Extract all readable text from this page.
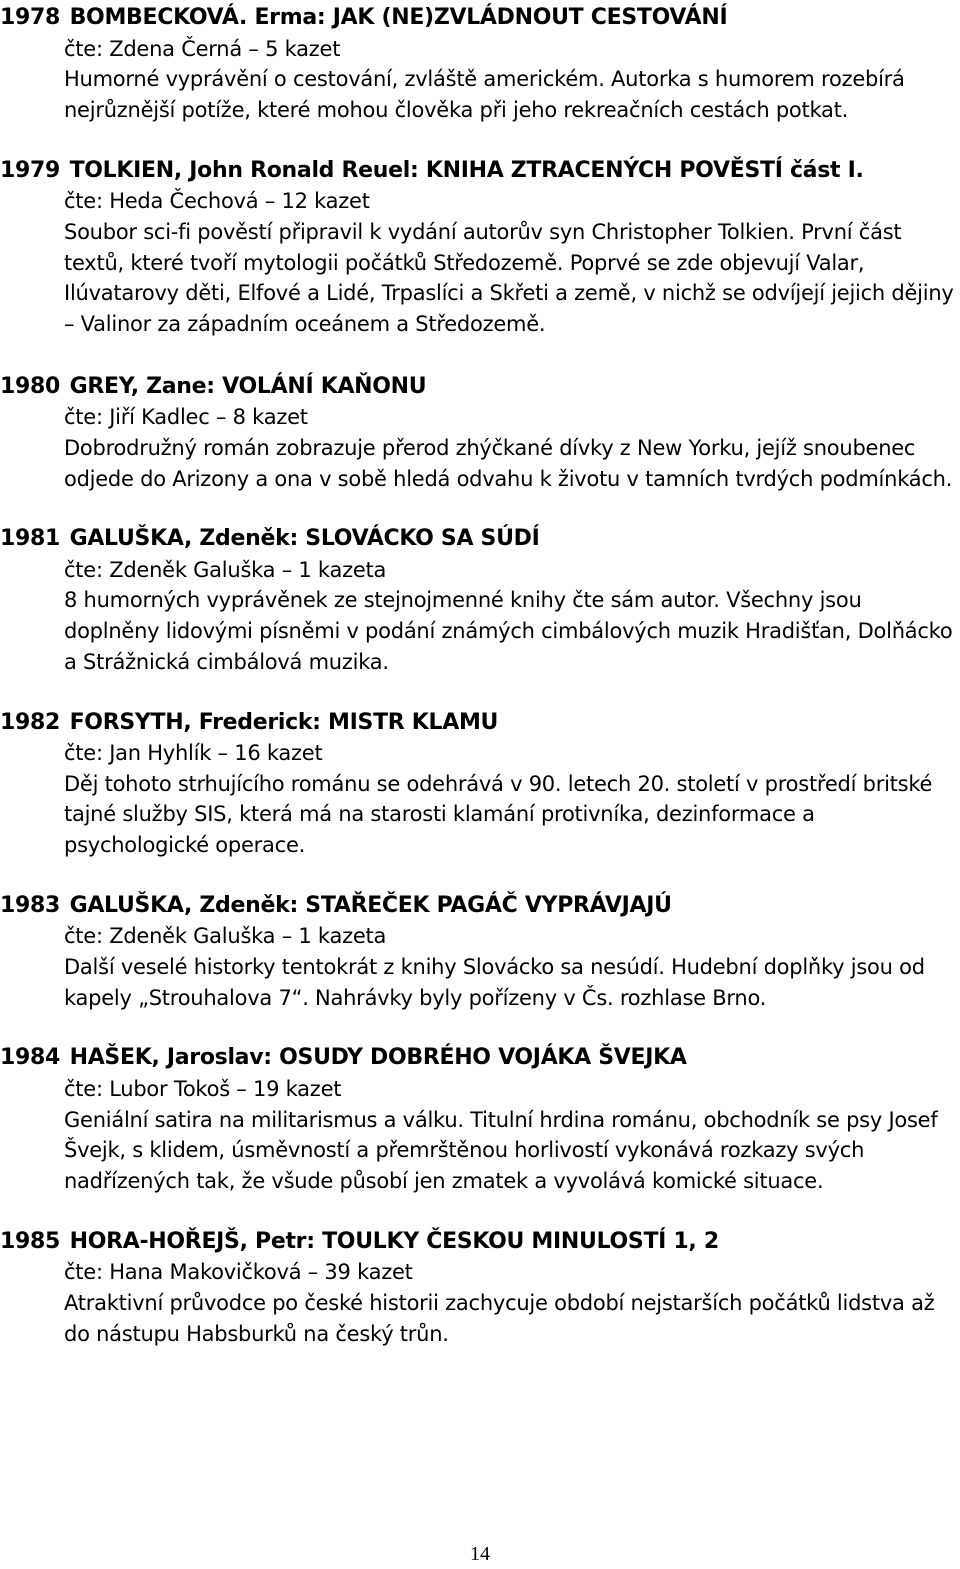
1978 BOMBECKOVÁ. Erma: JAK (NE)ZVLÁDNOUT CESTOVÁNÍ
čte: Zdena Černá – 5 kazet
Humorné vyprávění o cestování, zvláště americkém. Autorka s humorem rozebírá nejrůznější potíže, které mohou člověka při jeho rekreačních cestách potkat.
1979 TOLKIEN, John Ronald Reuel: KNIHA ZTRACENÝCH POVĚSTÍ část I.
čte: Heda Čechová – 12 kazet
Soubor sci-fi pověstí připravil k vydání autorův syn Christopher Tolkien. První část textů, které tvoří mytologii počátků Středozemě. Poprvé se zde objevují Valar, Ilúvatarovy děti, Elfové a Lidé, Trpaslíci a Skřeti a země, v nichž se odvíjejí jejich dějiny – Valinor za západním oceánem a Středozemě.
1980 GREY, Zane: VOLÁNÍ KAŇONU
čte: Jiří Kadlec – 8 kazet
Dobrodružný román zobrazuje přerod zhýčkané dívky z New Yorku, jejíž snoubenec odjede do Arizony a ona v sobě hledá odvahu k životu v tamních tvrdých podmínkách.
1981 GALUŠKA, Zdeněk: SLOVÁCKO SA SÚDÍ
čte: Zdeněk Galuška – 1 kazeta
8 humorných vyprávěnek ze stejnojmenné knihy čte sám autor. Všechny jsou doplněny lidovými písněmi v podání známých cimbálových muzik Hradišťan, Dolňácko a Strážnická cimbálová muzika.
1982 FORSYTH, Frederick: MISTR KLAMU
čte: Jan Hyhlík – 16 kazet
Děj tohoto strhujícího románu se odehrává v 90. letech 20. století v prostředí britské tajné služby SIS, která má na starosti klamání protivníka, dezinformace a psychologické operace.
1983 GALUŠKA, Zdeněk: STAŘEČEK PAGÁČ VYPRÁVJAJÚ
čte: Zdeněk Galuška – 1 kazeta
Další veselé historky tentokrát z knihy Slovácko sa nesúdí. Hudební doplňky jsou od kapely „Strouhalova 7“. Nahrávky byly pořízeny v Čs. rozhlase Brno.
1984 HAŠEK, Jaroslav: OSUDY DOBRÉHO VOJÁKA ŠVEJKA
čte: Lubor Tokoš – 19 kazet
Geniální satira na militarismus a válku. Titulní hrdina románu, obchodník se psy Josef Švejk, s klidem, úsměvností a přemrštěnou horlivostí vykonává rozkazy svých nadřízených tak, že všude působí jen zmatek a vyvolává komické situace.
1985 HORA-HOŘEJŠ, Petr: TOULKY ČESKOU MINULOSTÍ 1, 2
čte: Hana Makovičková – 39 kazet
Atraktivní průvodce po české historii zachycuje období nejstarších počátků lidstva až do nástupu Habsburků na český trůn.
14
